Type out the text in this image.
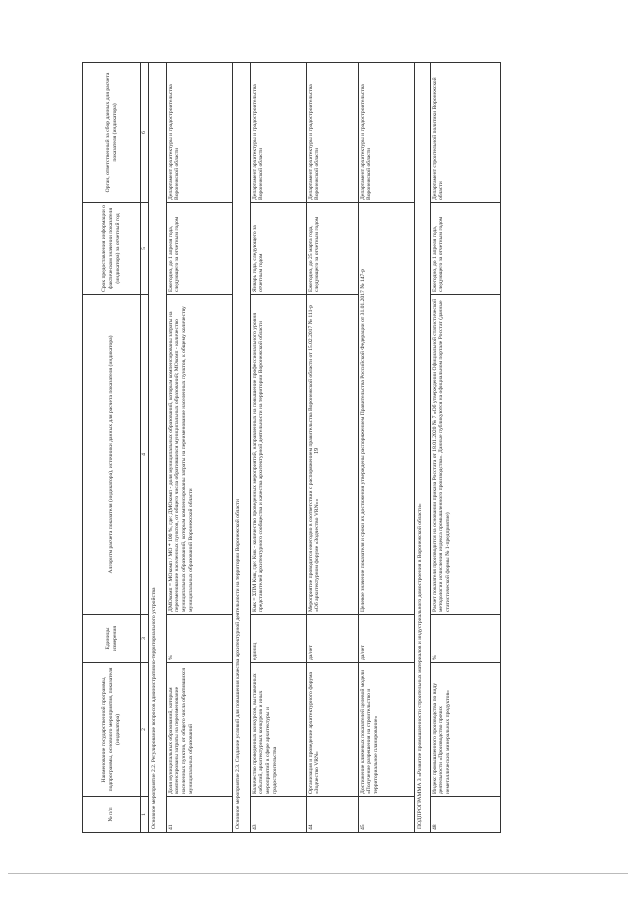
19
№ п/п	Наименование государственной программы, подпрограммы, основного мероприятия, показателя (индикатора)	Единицы измерения	Алгоритм расчета показателя (индикатора), источники данных для расчета показателя (индикатора)	Срок предоставления информации о фактическом значении показателя (индикатора) за отчетный год	Орган, ответственный за сбор данных для расчета показателя (индикатора)
1	2	3	4	5	6
Основное мероприятие 2.2. Регулирование вопросов административно-территориального устройства					
41	Доля муниципальных образований, которым компенсированы затраты на переименование населенных пунктов, от общего числа обратившихся муниципальных образований	%	ДМОкомп = МОкомп / МО * 100 %, где: ДМОкомп - доля муниципальных образований, которым компенсированы затраты на переименование населенных пунктов, от общего числа обратившихся муниципальных образований; МОкомп - количество муниципальных образований, которым компенсированы затраты на переименование населенных пунктов, к общему количеству муниципальных образований Воронежской области	Ежегодно, до 1 апреля года, следующего за отчетным годом	Департамент архитектуры и градостроительства Воронежской области
Основное мероприятие 2.3. Создание условий для повышения качества архитектурной деятельности на территории Воронежской области					
43	Количество проведенных конкурсов, выставочных событий, архитектурных конкурсов и иных мероприятий в сфере архитектуры и градостроительства	единиц	Кмк = ΣПМ Кмк, где: Кмк - количество проведенных мероприятий, направленных на повышение профессионального уровня представителей архитектурного сообщества и качества архитектурной деятельности на территории Воронежской области	Январь года, следующего за отчетным годом	Департамент архитектуры и градостроительства Воронежской области
44	Организация и проведение архитектурного форума «Зодчество VRN»	да/нет	Мероприятие проводится ежегодно в соответствии с распоряжением правительства Воронежской области от 15.02.2017 № 111-р «Об архитектурном форуме «Зодчество VRN»»	Ежегодно, до 25 марта года, следующего за отчетным годом	Департамент архитектуры и градостроительства Воронежской области
45	Достижение ключевых показателей целевой модели «Получение разрешения на строительство и территориальное планирование»	да/нет	Целевое значение показателя и сроки их достижения утверждены распоряжением Правительства Российской Федерации от 31.01.2017 № 147-р		Департамент архитектуры и градостроительства Воронежской области
ПОДПРОГРАММА 3 «Развитие промышленности строительных материалов и индустриального домостроения в Воронежской области»					
48	Индекс промышленного производства по виду деятельности «Производство прочих неметаллических минеральных продуктов»	%	Расчет показателя производится на основании приказа Росстата от 18.01.2020 № 7 «Об утверждении Официальной статистической методологии исчисления индекса промышленного производства». Данные публикуются на официальном портале Росстат (данные статистической формы № 1-предприятие)	Ежегодно, до 1 апреля года, следующего за отчетным годом	Департамент строительной политики Воронежской области
